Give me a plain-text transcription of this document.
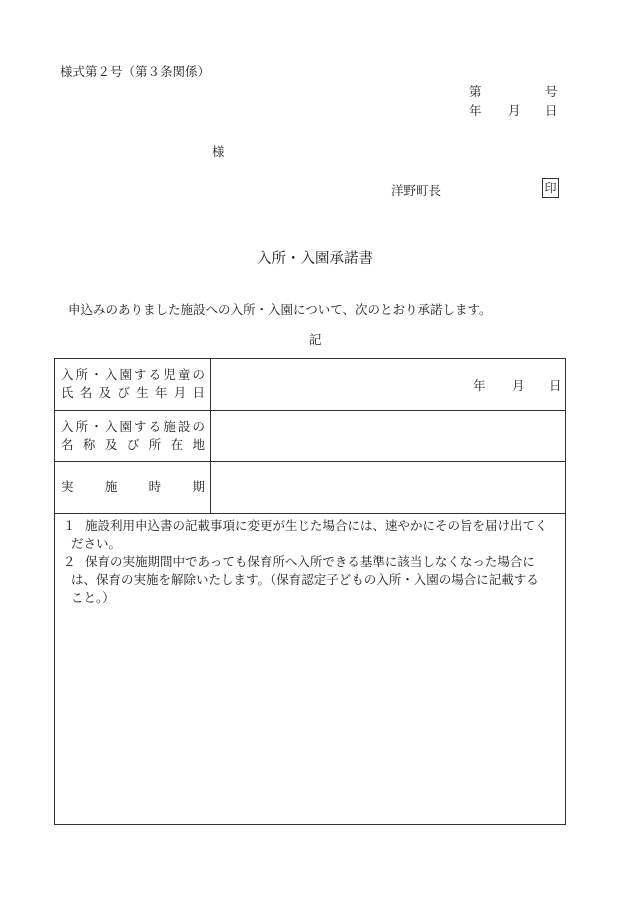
様式第２号（第３条関係）
第	号
年 月 日
様
洋野町長	印
入所・入園承諾書
申込みのありました施設への入所・入園について、次のとおり承諾します。
記
入所・入園する児童の
氏名及び生年月日	年 月 日
入所・入園する施設の
名称及び所在地
実施時期
１ 施設利用申込書の記載事項に変更が生じた場合には、速やかにその旨を届け出てく
ださい。
２ 保育の実施期間中であっても保育所へ入所できる基準に該当しなくなった場合に
は、保育の実施を解除いたします。（保育認定子どもの入所・入園の場合に記載する
こと。）
